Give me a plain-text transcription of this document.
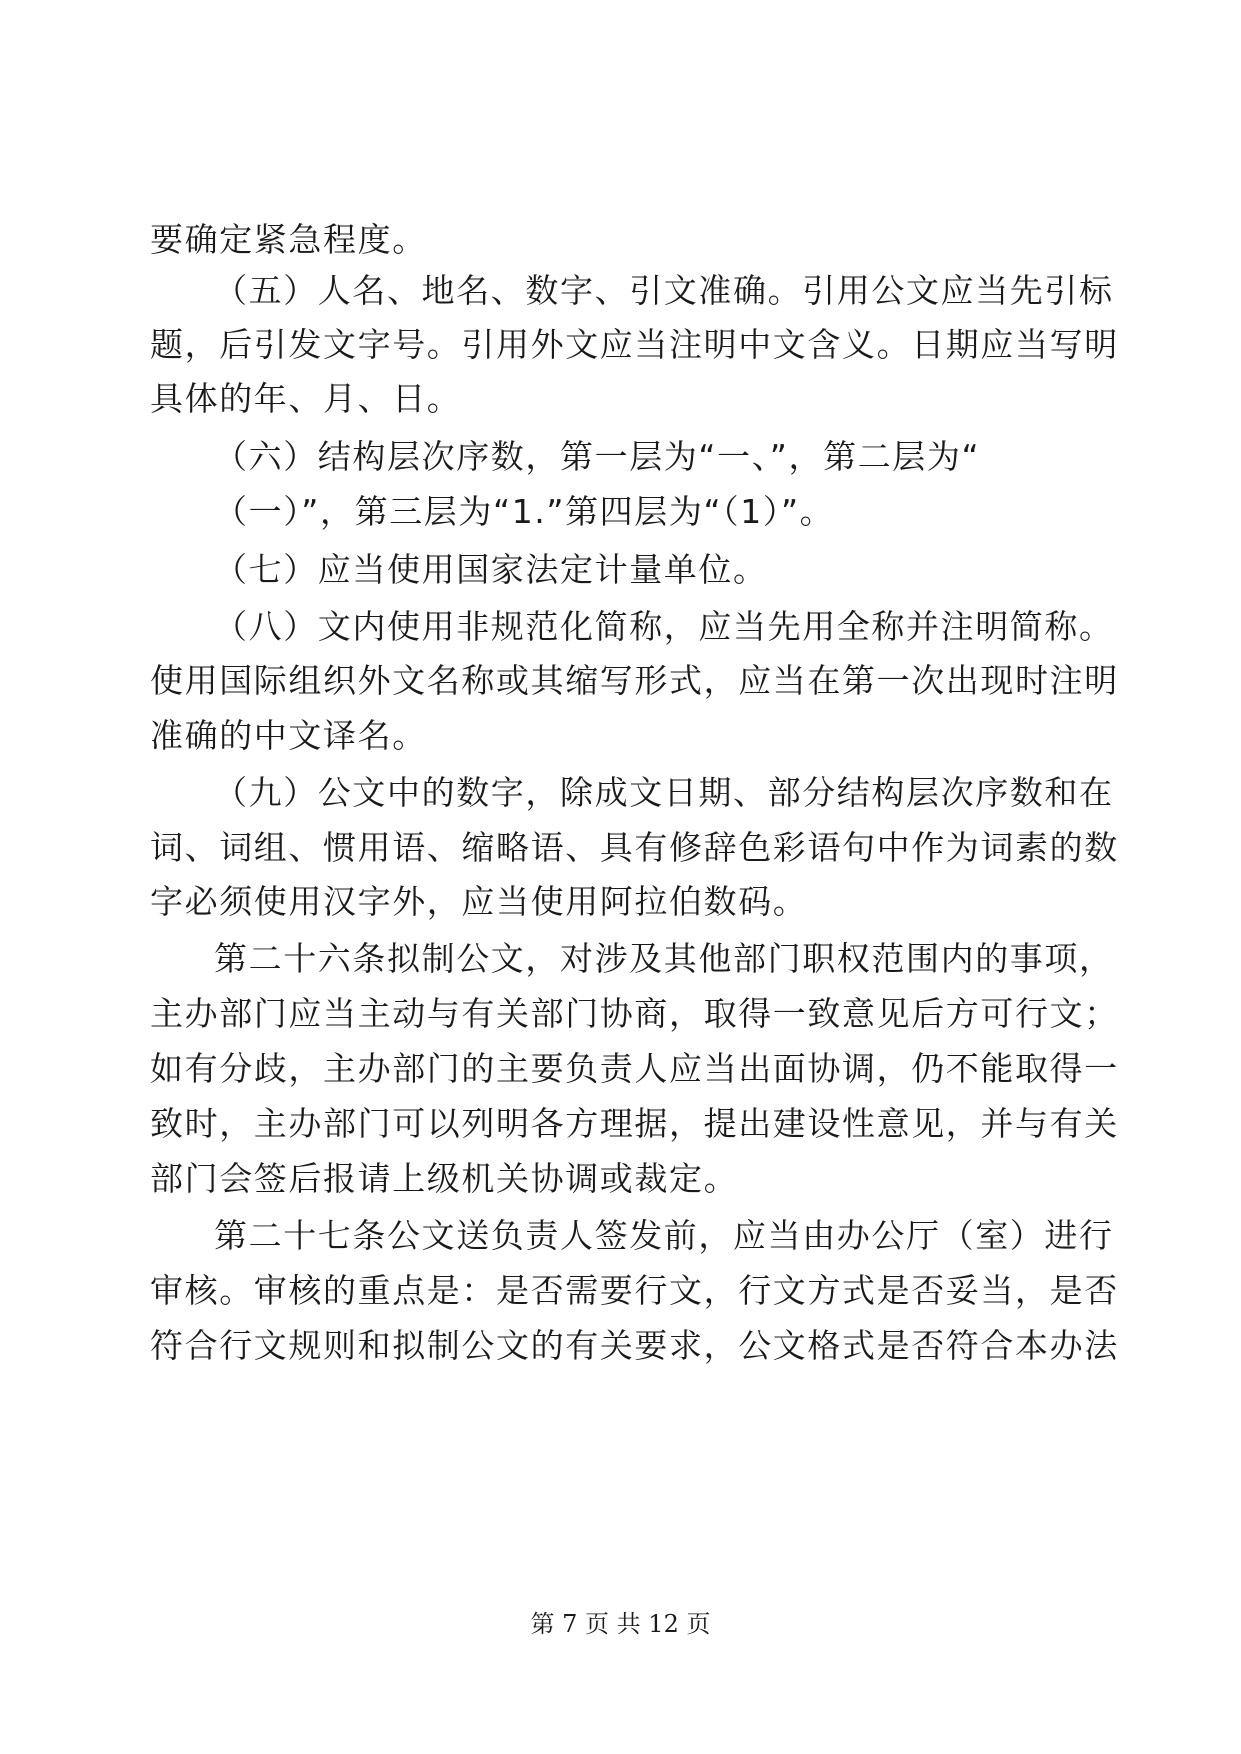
要确定紧急程度。
（五）人名、地名、数字、引文准确。引用公文应当先引标
题，后引发文字号。引用外文应当注明中文含义。日期应当写明
具体的年、月、日。
（六）结构层次序数，第一层为“一、”，第二层为“
（一）”，第三层为“1.”第四层为“（1）”。
（七）应当使用国家法定计量单位。
（八）文内使用非规范化简称，应当先用全称并注明简称。
使用国际组织外文名称或其缩写形式，应当在第一次出现时注明
准确的中文译名。
（九）公文中的数字，除成文日期、部分结构层次序数和在
词、词组、惯用语、缩略语、具有修辞色彩语句中作为词素的数
字必须使用汉字外，应当使用阿拉伯数码。
第二十六条拟制公文，对涉及其他部门职权范围内的事项，
主办部门应当主动与有关部门协商，取得一致意见后方可行文；
如有分歧，主办部门的主要负责人应当出面协调，仍不能取得一
致时，主办部门可以列明各方理据，提出建设性意见，并与有关
部门会签后报请上级机关协调或裁定。
第二十七条公文送负责人签发前，应当由办公厅（室）进行
审核。审核的重点是：是否需要行文，行文方式是否妥当，是否
符合行文规则和拟制公文的有关要求，公文格式是否符合本办法
第 7 页 共 12 页
